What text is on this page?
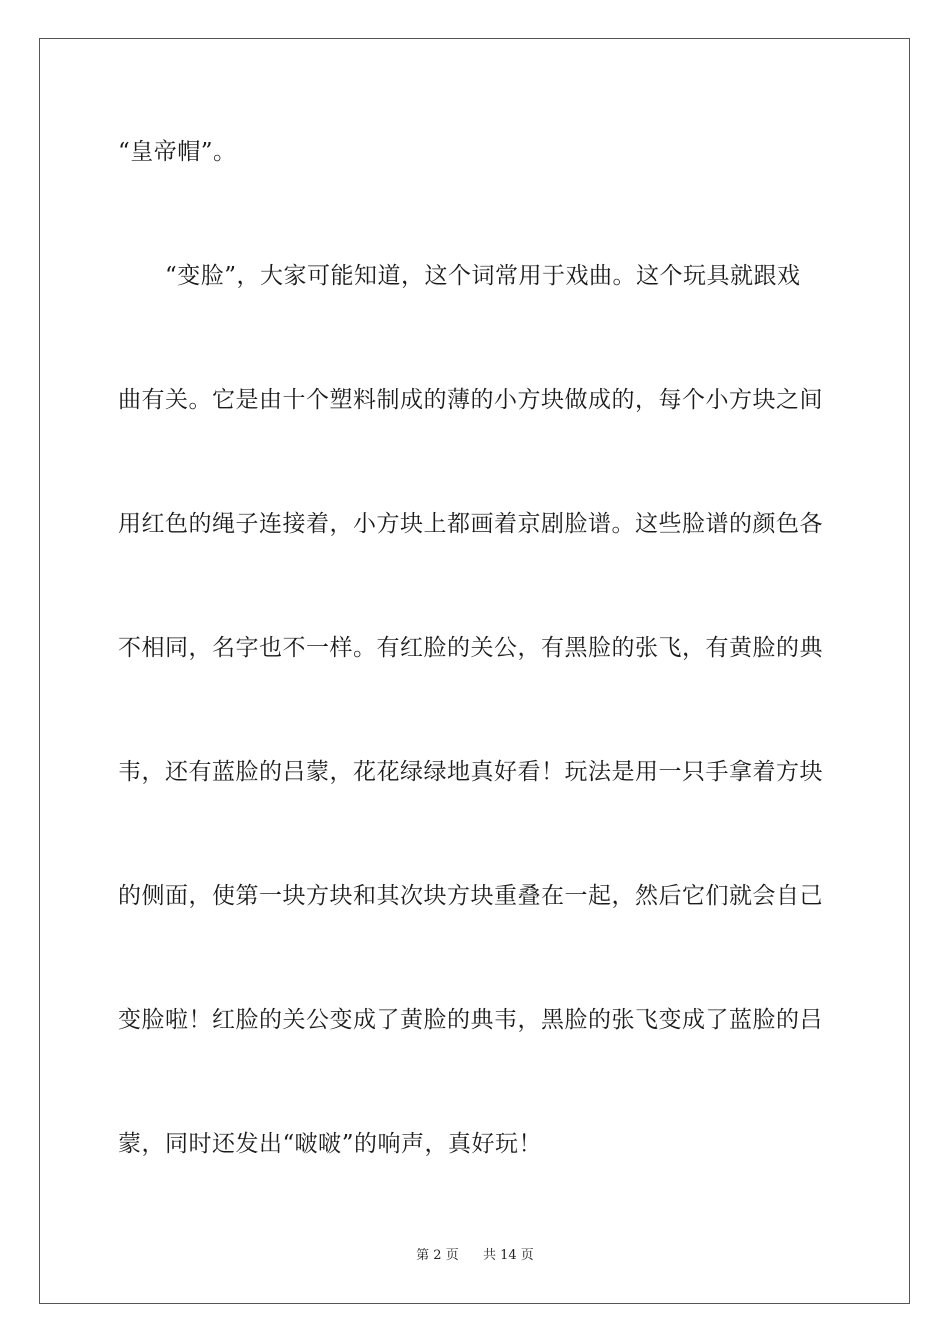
“皇帝帽”。
　　“变脸”，大家可能知道，这个词常用于戏曲。这个玩具就跟戏
曲有关。它是由十个塑料制成的薄的小方块做成的，每个小方块之间
用红色的绳子连接着，小方块上都画着京剧脸谱。这些脸谱的颜色各
不相同，名字也不一样。有红脸的关公，有黑脸的张飞，有黄脸的典
韦，还有蓝脸的吕蒙，花花绿绿地真好看！玩法是用一只手拿着方块
的侧面，使第一块方块和其次块方块重叠在一起，然后它们就会自己
变脸啦！红脸的关公变成了黄脸的典韦，黑脸的张飞变成了蓝脸的吕
蒙，同时还发出“啵啵”的响声，真好玩！
第 2 页 共 14 页
